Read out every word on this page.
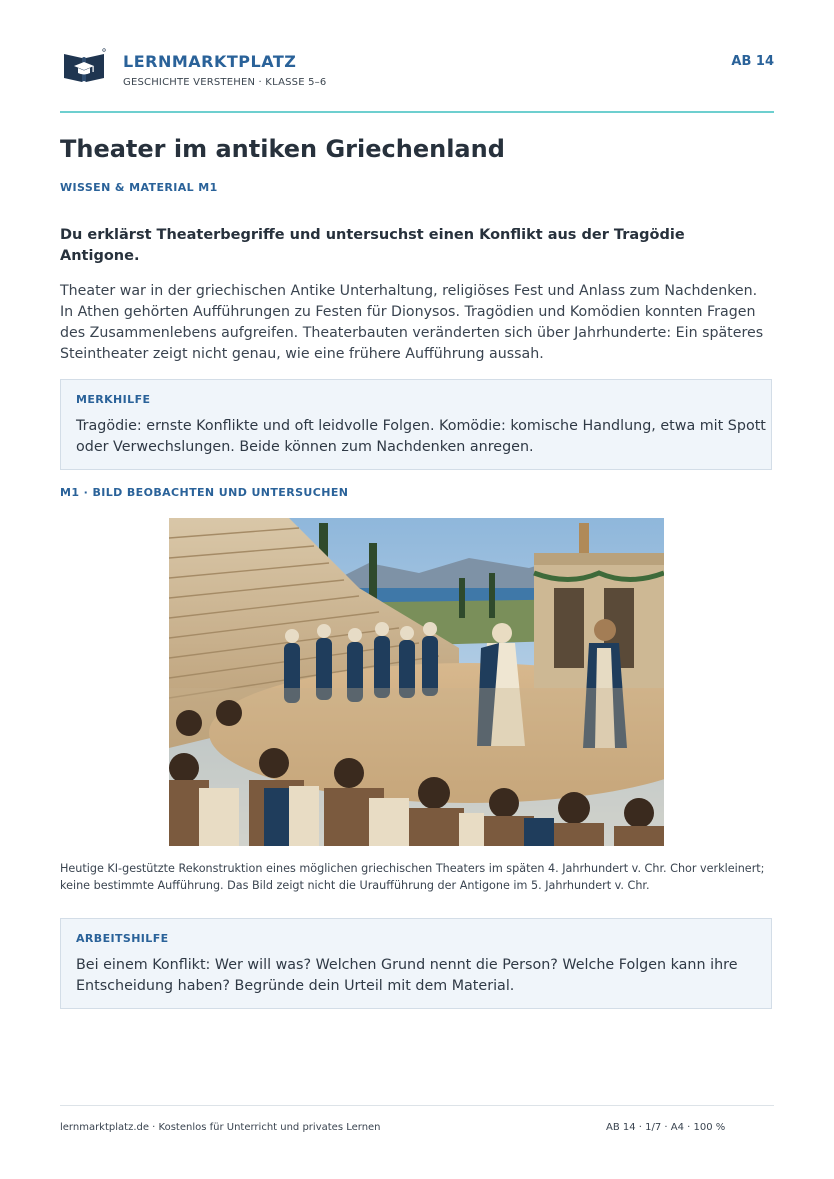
LERNMARKTPLATZ
GESCHICHTE VERSTEHEN · KLASSE 5–6
AB 14
Theater im antiken Griechenland
WISSEN & MATERIAL M1

Du erklärst Theaterbegriffe und untersuchst einen Konflikt aus der Tragödie Antigone.

Theater war in der griechischen Antike Unterhaltung, religiöses Fest und Anlass zum Nachdenken. In Athen gehörten Aufführungen zu Festen für Dionysos. Tragödien und Komödien konnten Fragen des Zusammenlebens aufgreifen. Theaterbauten veränderten sich über Jahrhunderte: Ein späteres Steintheater zeigt nicht genau, wie eine frühere Aufführung aussah.

MERKHILFE

Tragödie: ernste Konflikte und oft leidvolle Folgen. Komödie: komische Handlung, etwa mit Spott oder Verwechslungen. Beide können zum Nachdenken anregen.

M1 · BILD BEOBACHTEN UND UNTERSUCHEN

Heutige KI-gestützte Rekonstruktion eines möglichen griechischen Theaters im späten 4. Jahrhundert v. Chr. Chor verkleinert; keine bestimmte Aufführung. Das Bild zeigt nicht die Uraufführung der Antigone im 5. Jahrhundert v. Chr.

ARBEITSHILFE

Bei einem Konflikt: Wer will was? Welchen Grund nennt die Person? Welche Folgen kann ihre Entscheidung haben? Begründe dein Urteil mit dem Material.

lernmarktplatz.de · Kostenlos für Unterricht und privates Lernen	AB 14 · 1/7 · A4 · 100 %
